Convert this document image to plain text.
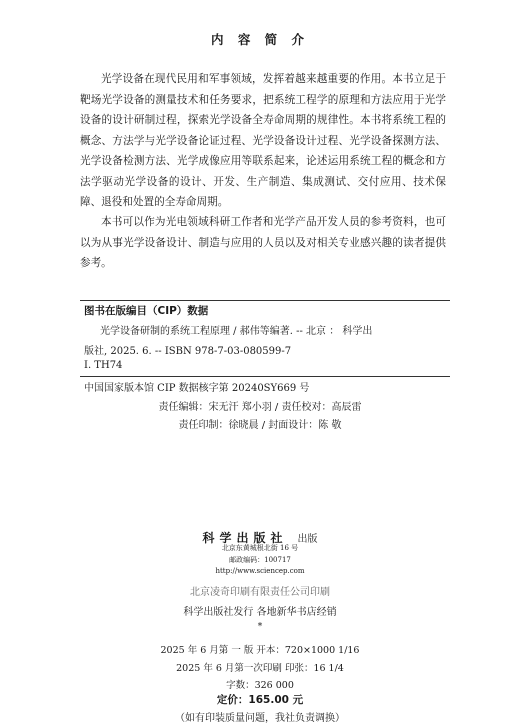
内 容 简 介
光学设备在现代民用和军事领域，发挥着越来越重要的作用。本书立足于靶场光学设备的测量技术和任务要求，把系统工程学的原理和方法应用于光学设备的设计研制过程，探索光学设备全寿命周期的规律性。本书将系统工程的概念、方法学与光学设备论证过程、光学设备设计过程、光学设备探测方法、光学设备检测方法、光学成像应用等联系起来，论述运用系统工程的概念和方法学驱动光学设备的设计、开发、生产制造、集成测试、交付应用、技术保障、退役和处置的全寿命周期。
本书可以作为光电领域科研工作者和光学产品开发人员的参考资料，也可以为从事光学设备设计、制造与应用的人员以及对相关专业感兴趣的读者提供参考。
图书在版编目（CIP）数据
光学设备研制的系统工程原理 / 郝伟等编著. -- 北京 ： 科学出
版社, 2025. 6. -- ISBN 978-7-03-080599-7
Ⅰ. TH74
中国国家版本馆 CIP 数据核字第 20240SY669 号
责任编辑：宋无汗 郑小羽 / 责任校对：高辰雷
责任印制：徐晓晨 / 封面设计：陈 敬
科学出版社 出版
北京东黄城根北街 16 号
邮政编码：100717
http://www.sciencep.com
北京凌奇印刷有限责任公司印刷
科学出版社发行 各地新华书店经销
*
2025 年 6 月第 一 版 开本：720×1000 1/16
2025 年 6 月第一次印刷 印张：16 1/4
字数：326 000
定价：165.00 元
（如有印装质量问题，我社负责调换）
